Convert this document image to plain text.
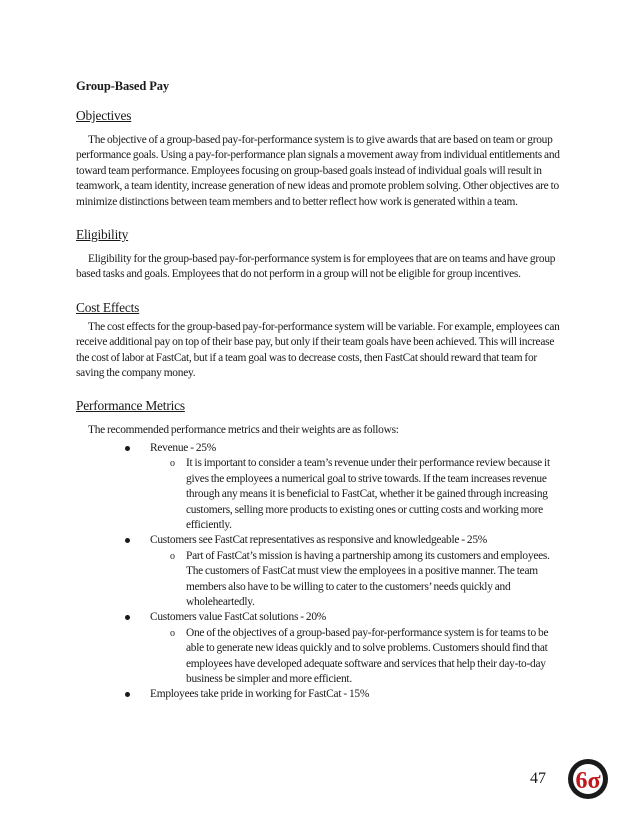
Group-Based Pay
Objectives

The objective of a group-based pay-for-performance system is to give awards that are based on team or group performance goals. Using a pay-for-performance plan signals a movement away from individual entitlements and toward team performance. Employees focusing on group-based goals instead of individual goals will result in teamwork, a team identity, increase generation of new ideas and promote problem solving. Other objectives are to minimize distinctions between team members and to better reflect how work is generated within a team.

Eligibility

Eligibility for the group-based pay-for-performance system is for employees that are on teams and have group based tasks and goals. Employees that do not perform in a group will not be eligible for group incentives.

Cost Effects

The cost effects for the group-based pay-for-performance system will be variable. For example, employees can receive additional pay on top of their base pay, but only if their team goals have been achieved. This will increase the cost of labor at FastCat, but if a team goal was to decrease costs, then FastCat should reward that team for saving the company money.

Performance Metrics

The recommended performance metrics and their weights are as follows:

Revenue - 25%
o It is important to consider a team’s revenue under their performance review because it gives the employees a numerical goal to strive towards. If the team increases revenue through any means it is beneficial to FastCat, whether it be gained through increasing customers, selling more products to existing ones or cutting costs and working more efficiently.
Customers see FastCat representatives as responsive and knowledgeable - 25%
o Part of FastCat’s mission is having a partnership among its customers and employees. The customers of FastCat must view the employees in a positive manner. The team members also have to be willing to cater to the customers’ needs quickly and wholeheartedly.
Customers value FastCat solutions - 20%
o One of the objectives of a group-based pay-for-performance system is for teams to be able to generate new ideas quickly and to solve problems. Customers should find that employees have developed adequate software and services that help their day-to-day business be simpler and more efficient.
Employees take pride in working for FastCat - 15%
47 6σ
